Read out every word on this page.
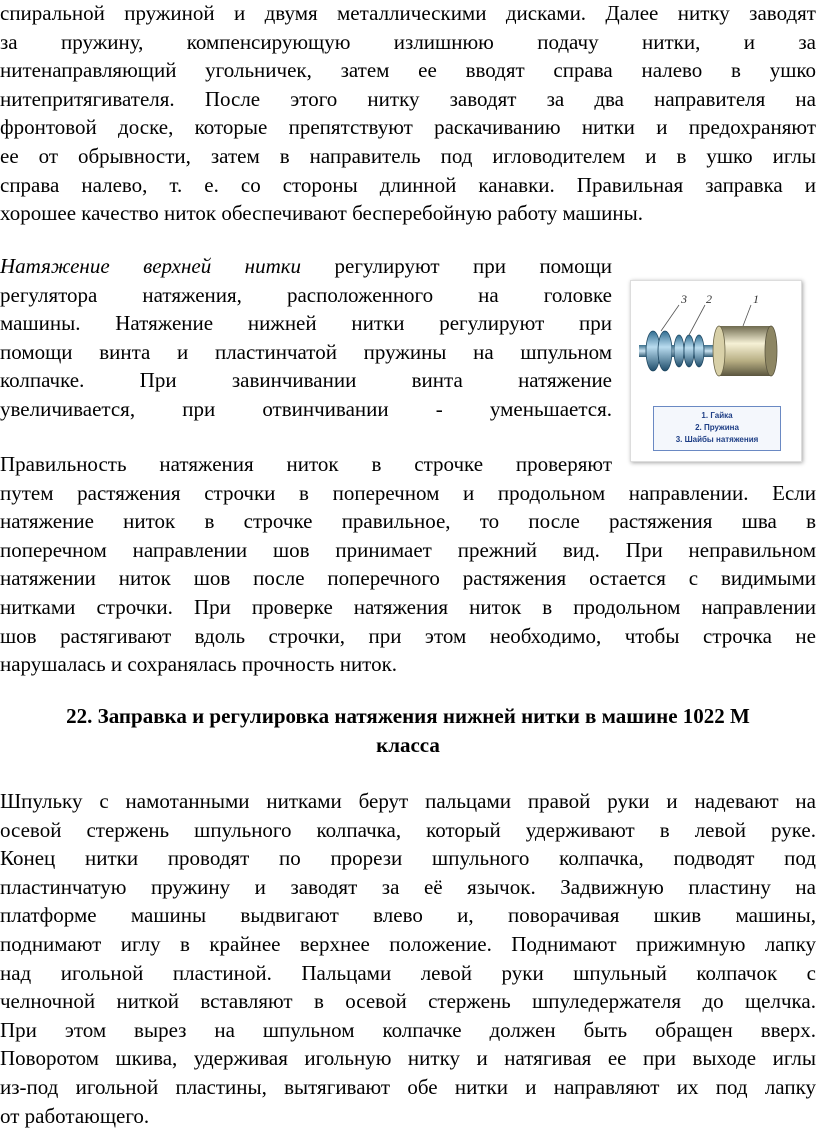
спиральной пружиной и двумя металлическими дисками. Далее нитку заводят
за пружину, компенсирующую излишнюю подачу нитки, и за
нитенаправляющий угольничек, затем ее вводят справа налево в ушко
нитепритягивателя. После этого нитку заводят за два направителя на
фронтовой доске, которые препятствуют раскачиванию нитки и предохраняют
ее от обрывности, затем в направитель под игловодителем и в ушко иглы
справа налево, т. е. со стороны длинной канавки. Правильная заправка и
хорошее качество ниток обеспечивают бесперебойную работу машины.

Натяжение верхней нитки регулируют при помощи
регулятора натяжения, расположенного на головке
машины. Натяжение нижней нитки регулируют при
помощи винта и пластинчатой пружины на шпульном
колпачке. При завинчивании винта натяжение
увеличивается, при отвинчивании - уменьшается.

3 2	1
1. Гайка
2. Пружина
3. Шайбы натяжения

Правильность натяжения ниток в строчке проверяют
путем растяжения строчки в поперечном и продольном направлении. Если
натяжение ниток в строчке правильное, то после растяжения шва в
поперечном направлении шов принимает прежний вид. При неправильном
натяжении ниток шов после поперечного растяжения остается с видимыми
нитками строчки. При проверке натяжения ниток в продольном направлении
шов растягивают вдоль строчки, при этом необходимо, чтобы строчка не
нарушалась и сохранялась прочность ниток.

22. Заправка и регулировка натяжения нижней нитки в машине 1022 М
класса

Шпульку с намотанными нитками берут пальцами правой руки и надевают на
осевой стержень шпульного колпачка, который удерживают в левой руке.
Конец нитки проводят по прорези шпульного колпачка, подводят под
пластинчатую пружину и заводят за её язычок. Задвижную пластину на
платформе машины выдвигают влево и, поворачивая шкив машины,
поднимают иглу в крайнее верхнее положение. Поднимают прижимную лапку
над игольной пластиной. Пальцами левой руки шпульный колпачок с
челночной ниткой вставляют в осевой стержень шпуледержателя до щелчка.
При этом вырез на шпульном колпачке должен быть обращен вверх.
Поворотом шкива, удерживая игольную нитку и натягивая ее при выходе иглы
из-под игольной пластины, вытягивают обе нитки и направляют их под лапку
от работающего.
